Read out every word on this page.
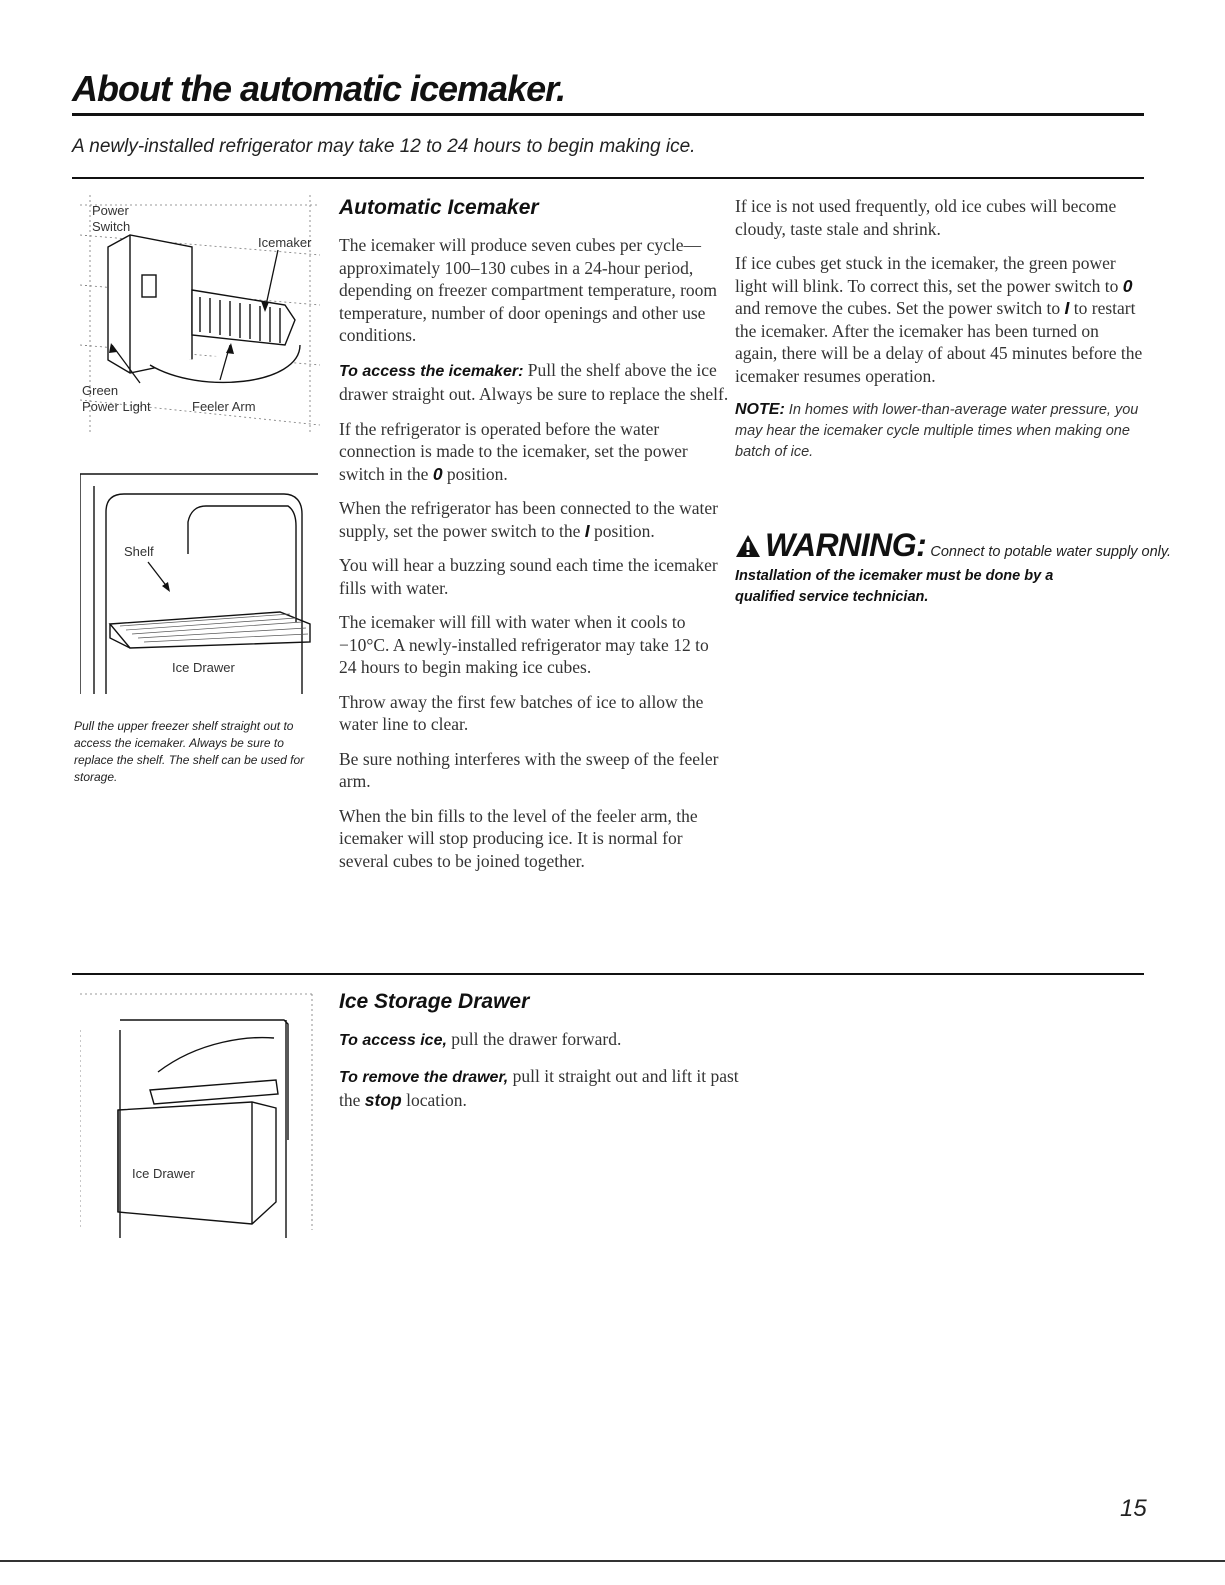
About the automatic icemaker.
A newly-installed refrigerator may take 12 to 24 hours to begin making ice.
Power
Switch
Icemaker
Green
Power Light	Feeler Arm
Shelf
Ice Drawer
Pull the upper freezer shelf straight out to access the icemaker. Always be sure to replace the shelf. The shelf can be used for storage.
Ice Drawer
Automatic Icemaker

The icemaker will produce seven cubes per cycle—approximately 100–130 cubes in a 24-hour period, depending on freezer compartment temperature, room temperature, number of door openings and other use conditions.

To access the icemaker: Pull the shelf above the ice drawer straight out. Always be sure to replace the shelf.

If the refrigerator is operated before the water connection is made to the icemaker, set the power switch in the 0 position.

When the refrigerator has been connected to the water supply, set the power switch to the I position.

You will hear a buzzing sound each time the icemaker fills with water.

The icemaker will fill with water when it cools to −10°C. A newly-installed refrigerator may take 12 to 24 hours to begin making ice cubes.

Throw away the first few batches of ice to allow the water line to clear.

Be sure nothing interferes with the sweep of the feeler arm.

When the bin fills to the level of the feeler arm, the icemaker will stop producing ice. It is normal for several cubes to be joined together.

If ice is not used frequently, old ice cubes will become cloudy, taste stale and shrink.

If ice cubes get stuck in the icemaker, the green power light will blink. To correct this, set the power switch to 0 and remove the cubes. Set the power switch to I to restart the icemaker. After the icemaker has been turned on again, there will be a delay of about 45 minutes before the icemaker resumes operation.

NOTE: In homes with lower-than-average water pressure, you may hear the icemaker cycle multiple times when making one batch of ice.
WARNING: Connect to potable water supply only.
Installation of the icemaker must be done by a qualified service technician.
Ice Storage Drawer

To access ice, pull the drawer forward.

To remove the drawer, pull it straight out and lift it past the stop location.

15
